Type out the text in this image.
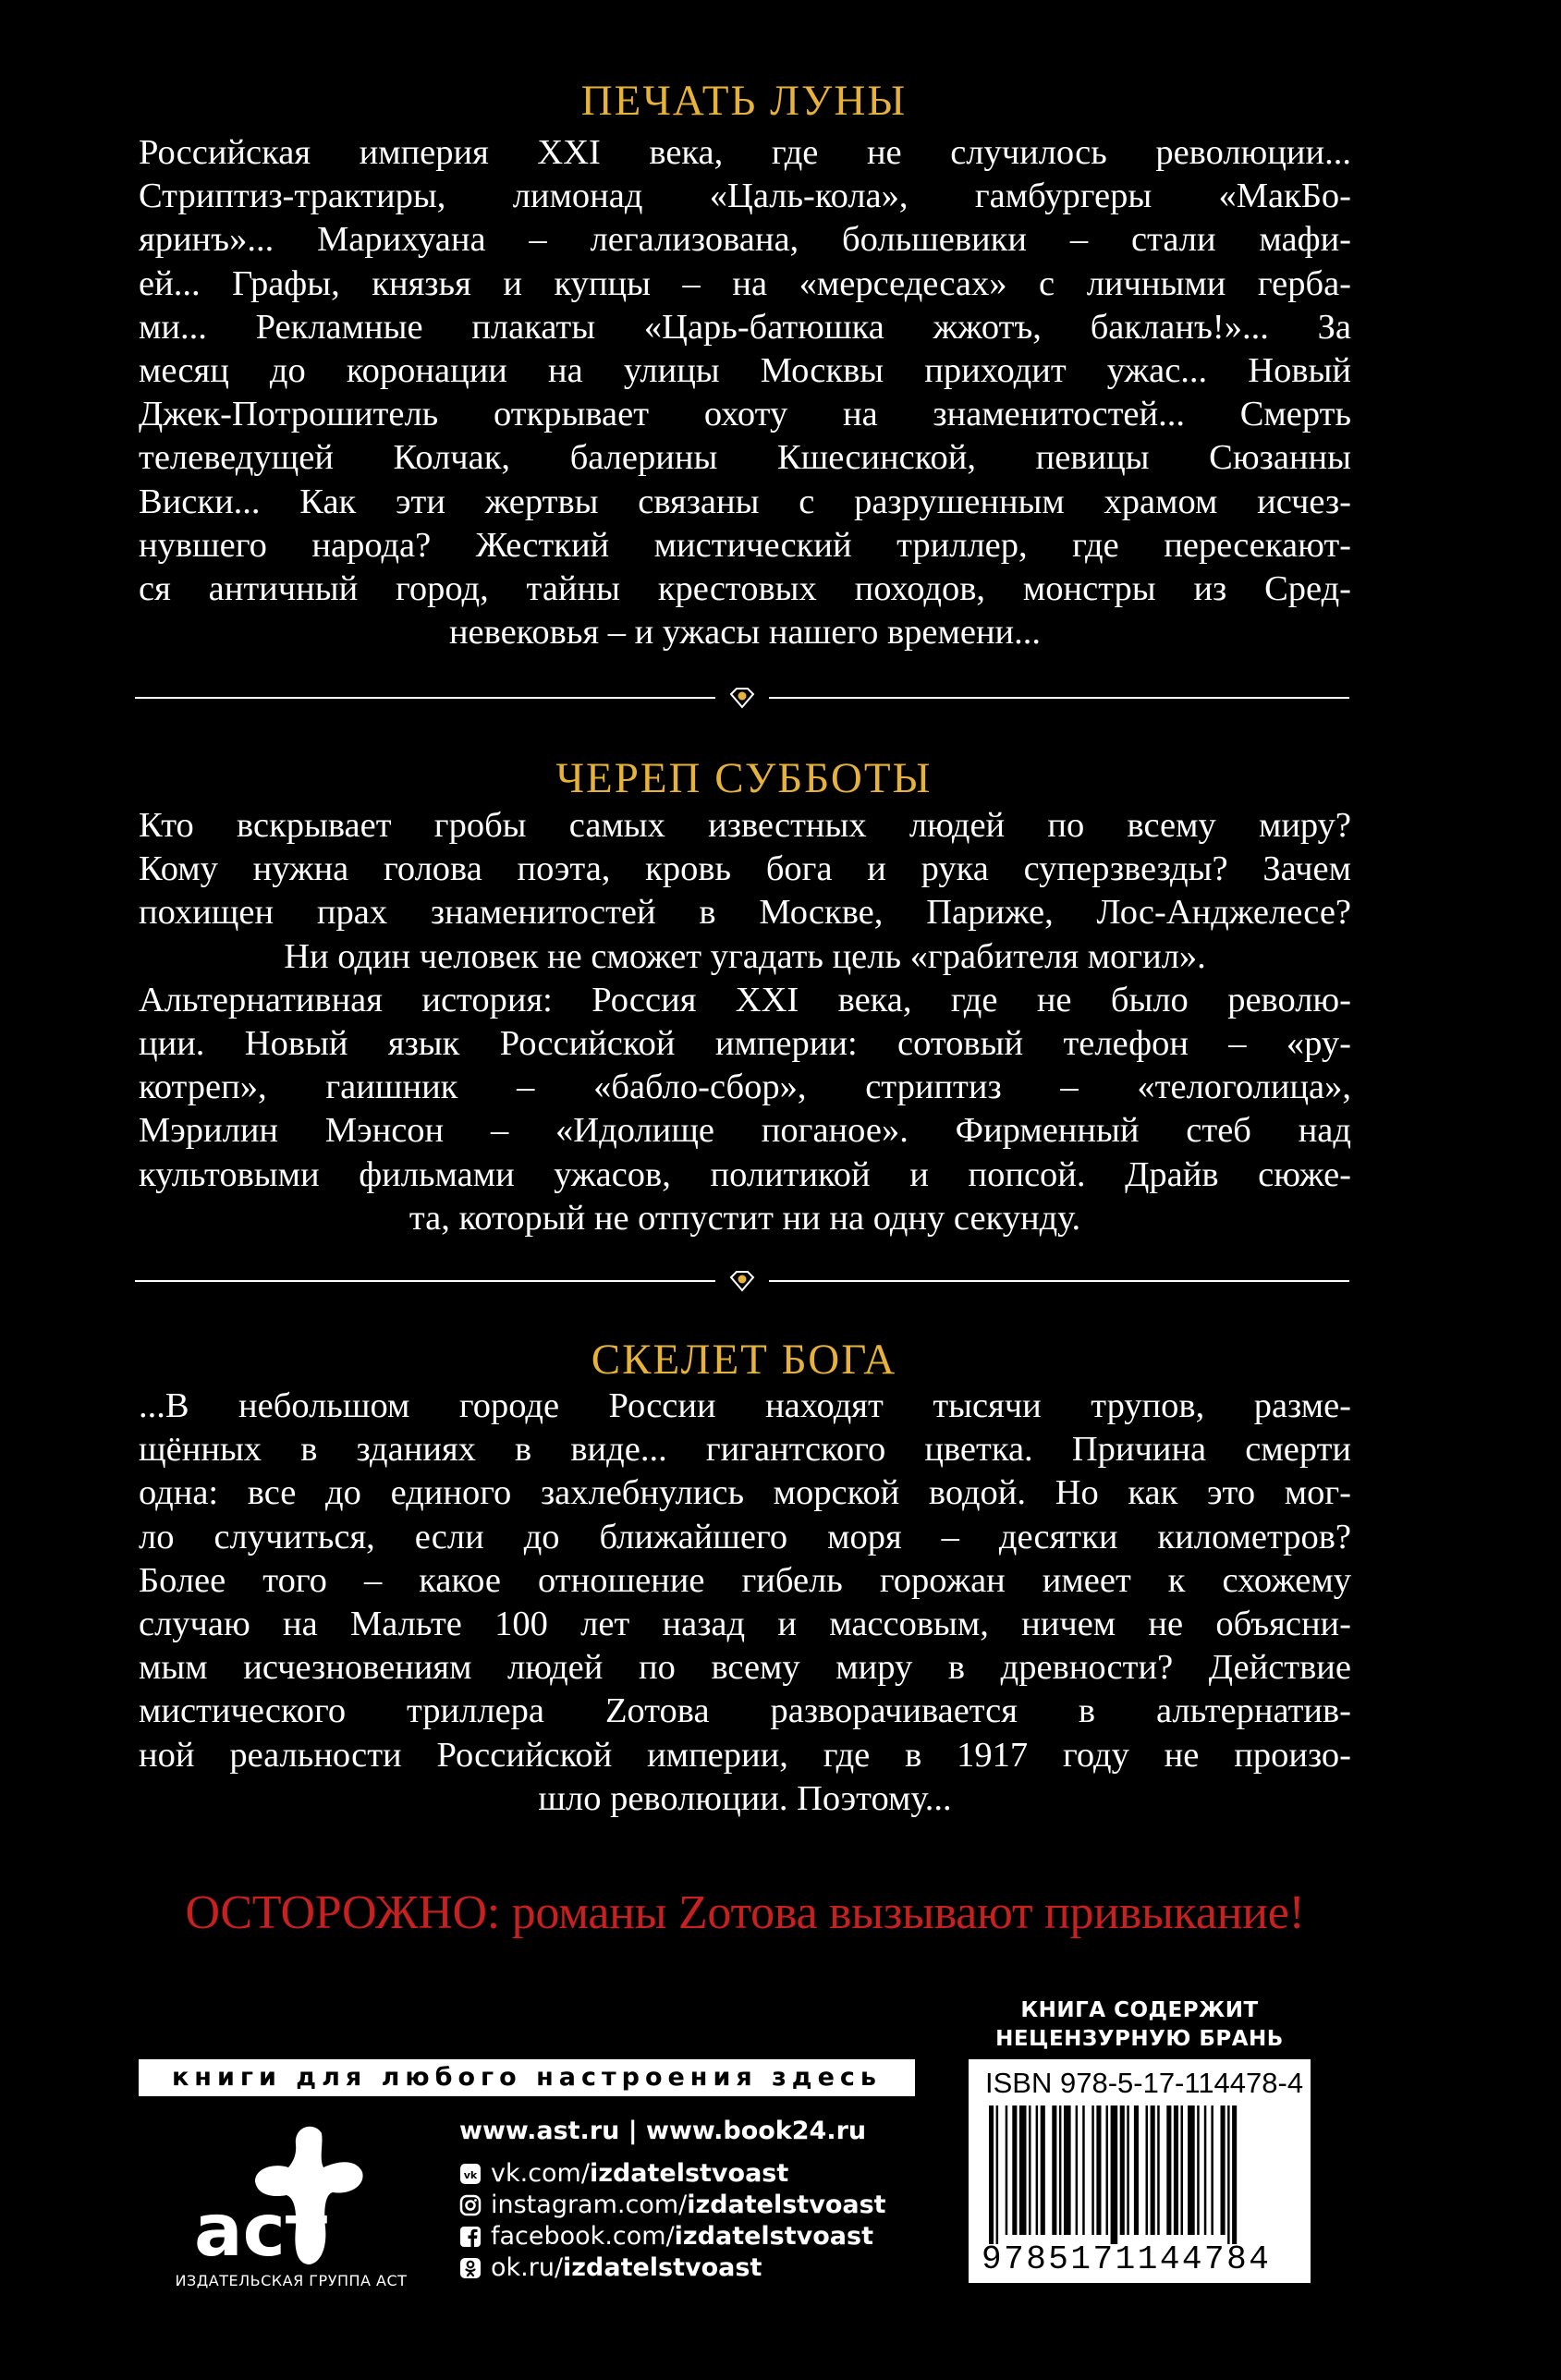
ПЕЧАТЬ ЛУНЫ
Российская империя XXI века, где не случилось революции...
Стриптиз-трактиры, лимонад «Цаль-кола», гамбургеры «МакБо-
яринъ»... Марихуана – легализована, большевики – стали мафи-
ей... Графы, князья и купцы – на «мерседесах» с личными герба-
ми... Рекламные плакаты «Царь-батюшка жжотъ, бакланъ!»... За
месяц до коронации на улицы Москвы приходит ужас... Новый
Джек-Потрошитель открывает охоту на знаменитостей... Смерть
телеведущей Колчак, балерины Кшесинской, певицы Сюзанны
Виски... Как эти жертвы связаны с разрушенным храмом исчез-
нувшего народа? Жесткий мистический триллер, где пересекают-
ся античный город, тайны крестовых походов, монстры из Сред-
невековья – и ужасы нашего времени...
ЧЕРЕП СУББОТЫ
Кто вскрывает гробы самых известных людей по всему миру?
Кому нужна голова поэта, кровь бога и рука суперзвезды? Зачем
похищен прах знаменитостей в Москве, Париже, Лос-Анджелесе?
Ни один человек не сможет угадать цель «грабителя могил».
Альтернативная история: Россия XXI века, где не было револю-
ции. Новый язык Российской империи: сотовый телефон – «ру-
котреп», гаишник – «бабло-сбор», стриптиз – «телоголица»,
Мэрилин Мэнсон – «Идолище поганое». Фирменный стеб над
культовыми фильмами ужасов, политикой и попсой. Драйв сюже-
та, который не отпустит ни на одну секунду.
СКЕЛЕТ БОГА
...В небольшом городе России находят тысячи трупов, разме-
щённых в зданиях в виде... гигантского цветка. Причина смерти
одна: все до единого захлебнулись морской водой. Но как это мог-
ло случиться, если до ближайшего моря – десятки километров?
Более того – какое отношение гибель горожан имеет к схожему
случаю на Мальте 100 лет назад и массовым, ничем не объясни-
мым исчезновениям людей по всему миру в древности? Действие
мистического триллера Zотова разворачивается в альтернатив-
ной реальности Российской империи, где в 1917 году не произо-
шло революции. Поэтому...

ОСТОРОЖНО: романы Zотова вызывают привыкание!

КНИГА СОДЕРЖИТ
НЕЦЕНЗУРНУЮ БРАНЬ
книги для любого настроения здесь	ISBN 978-5-17-114478-4
9785171144784
аст
ИЗДАТЕЛЬСКАЯ ГРУППА АСТ
www.ast.ru | www.book24.ru
vk vk.com/ izdatelstvoast
instagram.com/ izdatelstvoast
facebook.com/ izdatelstvoast
ok.ru/ izdatelstvoast
